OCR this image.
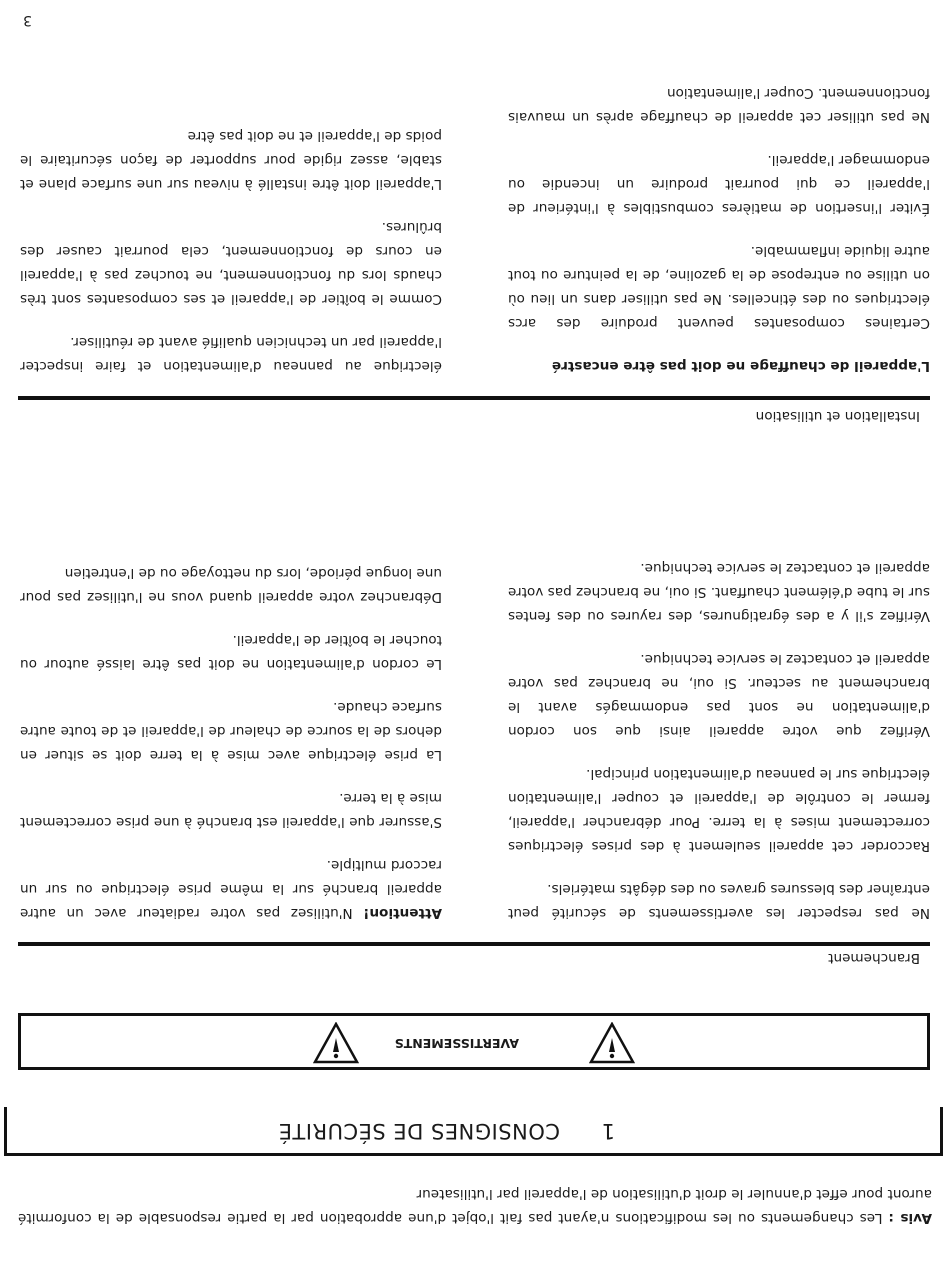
Avis : Les changements ou les modifications n'ayant pas fait l'objet d'une approbation par la partie responsable de la conformité auront pour effet d'annuler le droit d'utilisation de l'appareil par l'utilisateur
1CONSIGNES DE SÉCURITÉ
AVERTISSEMENTS
Branchement

Ne pas respecter les avertissements de sécurité peut entraîner des blessures graves ou des dégâts matériels.

Raccorder cet appareil seulement à des prises électriques correctement mises à la terre. Pour débrancher l'appareil, fermer le contrôle de l'appareil et couper l'alimentation électrique sur le panneau d'alimentation principal.

Vérifiez que votre appareil ainsi que son cordon d'alimentation ne sont pas endommagés avant le branchement au secteur. Si oui, ne branchez pas votre appareil et contactez le service technique.

Vérifiez s'il y a des égratignures, des rayures ou des fentes sur le tube d'élément chauffant. Si oui, ne branchez pas votre appareil et contactez le service technique.

Attention! N'utilisez pas votre radiateur avec un autre appareil branché sur la même prise électrique ou sur un raccord multiple.

S'assurer que l'appareil est branché à une prise correctement mise à la terre.

La prise électrique avec mise à la terre doit se situer en dehors de la source de chaleur de l'appareil et de toute autre surface chaude.

Le cordon d'alimentation ne doit pas être laissé autour ou toucher le boîtier de l'appareil.

Débranchez votre appareil quand vous ne l'utilisez pas pour une longue période, lors du nettoyage ou de l'entretien

Installation et utilisation

L'appareil de chauffage ne doit pas être encastré

Certaines composantes peuvent produire des arcs électriques ou des étincelles. Ne pas utiliser dans un lieu où on utilise ou entrepose de la gazoline, de la peinture ou tout autre liquide inflammable.

Éviter l'insertion de matières combustibles à l'intérieur de l'appareil ce qui pourrait produire un incendie ou endommager l'appareil.

Ne pas utiliser cet appareil de chauffage après un mauvais fonctionnement. Couper l'alimentation

électrique au panneau d'alimentation et faire inspecter l'appareil par un technicien qualifié avant de réutiliser.

Comme le boîtier de l'appareil et ses composantes sont très chauds lors du fonctionnement, ne touchez pas à l'appareil en cours de fonctionnement, cela pourrait causer des brûlures.

L'appareil doit être installé à niveau sur une surface plane et stable, assez rigide pour supporter de façon sécuritaire le poids de l'appareil et ne doit pas être

3
